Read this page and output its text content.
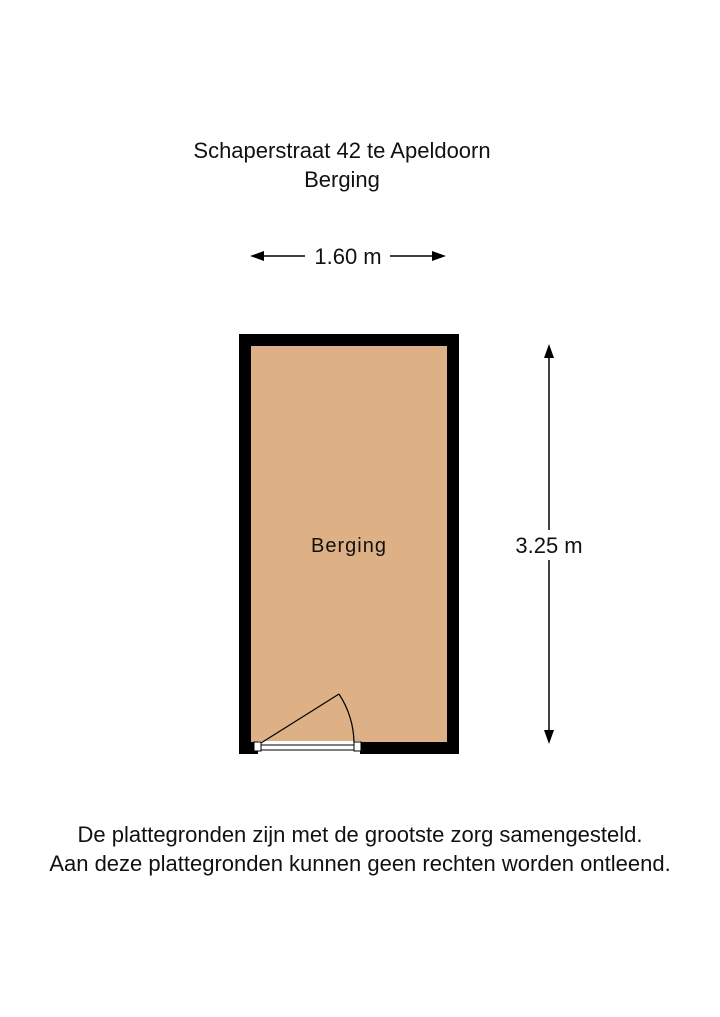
Schaperstraat 42 te Apeldoorn
Berging
1.60 m
Berging	3.25 m
De plattegronden zijn met de grootste zorg samengesteld.
Aan deze plattegronden kunnen geen rechten worden ontleend.
